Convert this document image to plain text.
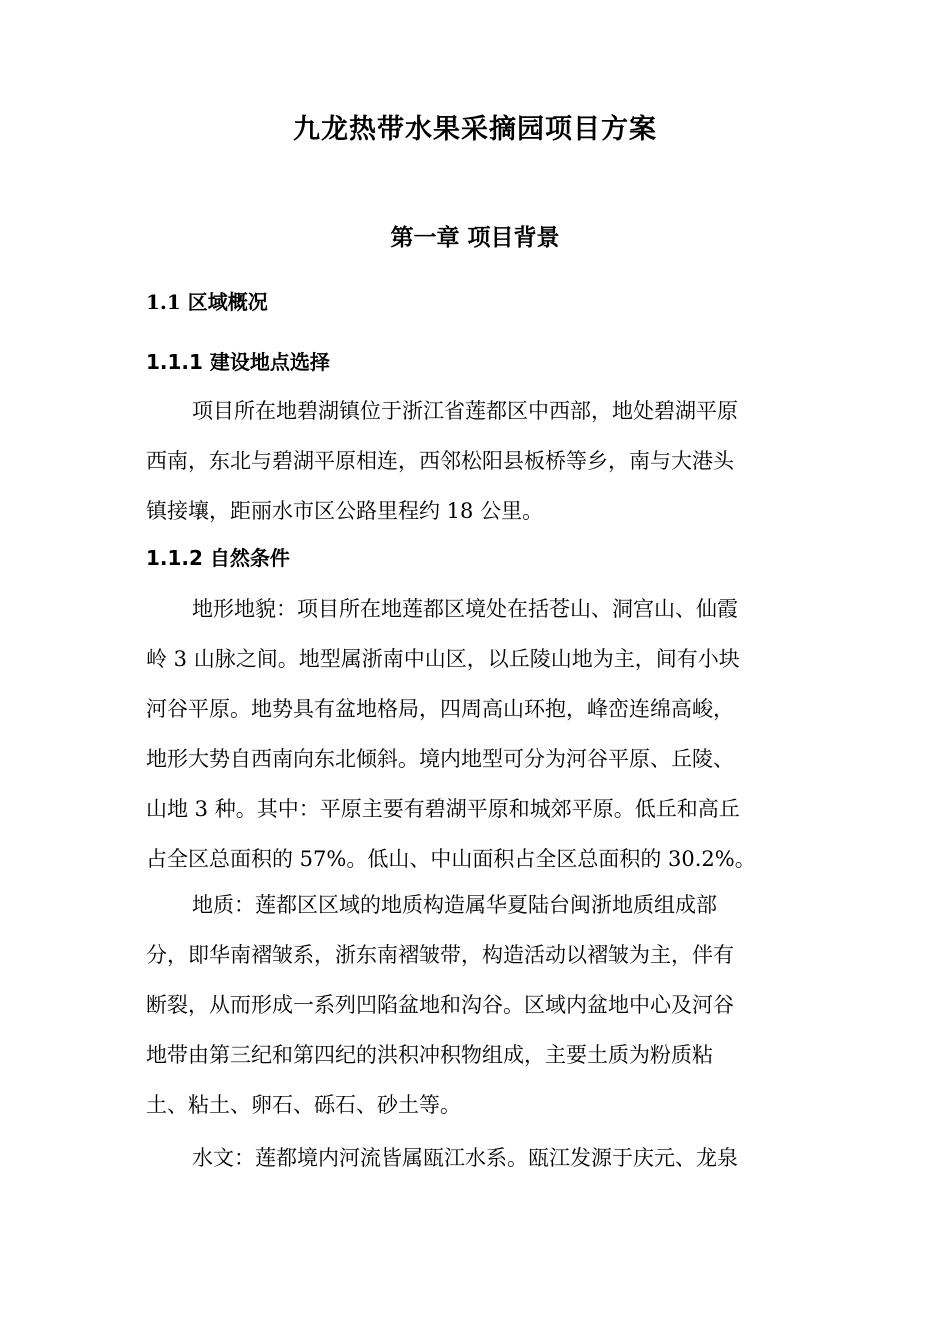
九龙热带水果采摘园项目方案
第一章 项目背景
1.1 区域概况
1.1.1 建设地点选择
项目所在地碧湖镇位于浙江省莲都区中西部，地处碧湖平原
西南，东北与碧湖平原相连，西邻松阳县板桥等乡，南与大港头
镇接壤，距丽水市区公路里程约 18 公里。
1.1.2 自然条件
地形地貌：项目所在地莲都区境处在括苍山、洞宫山、仙霞
岭 3 山脉之间。地型属浙南中山区，以丘陵山地为主，间有小块
河谷平原。地势具有盆地格局，四周高山环抱，峰峦连绵高峻，
地形大势自西南向东北倾斜。境内地型可分为河谷平原、丘陵、
山地 3 种。其中：平原主要有碧湖平原和城郊平原。低丘和高丘
占全区总面积的 57%。低山、中山面积占全区总面积的 30.2%。
地质：莲都区区域的地质构造属华夏陆台闽浙地质组成部
分，即华南褶皱系，浙东南褶皱带，构造活动以褶皱为主，伴有
断裂，从而形成一系列凹陷盆地和沟谷。区域内盆地中心及河谷
地带由第三纪和第四纪的洪积冲积物组成，主要土质为粉质粘
土、粘土、卵石、砾石、砂土等。
水文：莲都境内河流皆属瓯江水系。瓯江发源于庆元、龙泉
